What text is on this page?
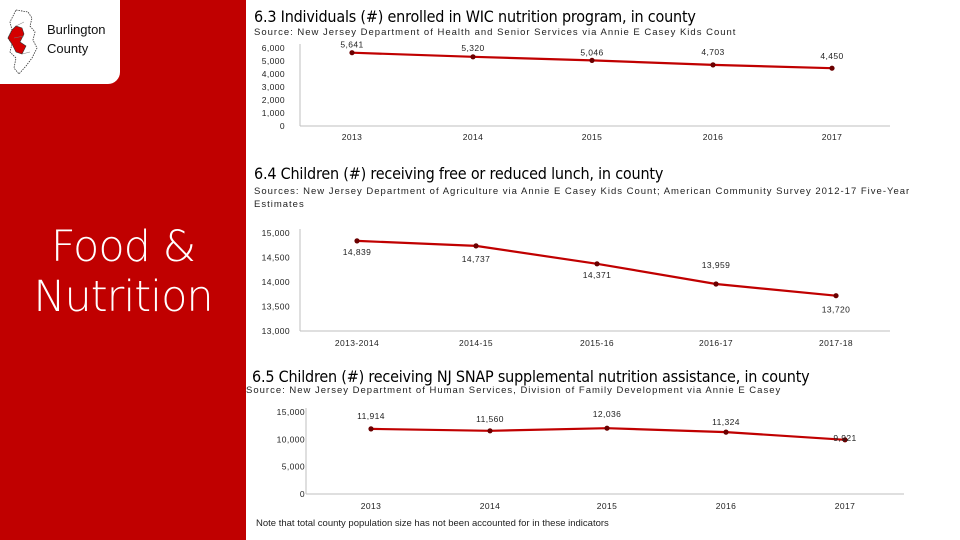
Burlington
County
Food &
Nutrition
6.3 Individuals (#) enrolled in WIC nutrition program, in county
Source: New Jersey Department of Health and Senior Services via Annie E Casey Kids Count
6,000
5,000
4,000
3,000
2,000
1,000
0
2013	2014	2015	2016	2017
5,641	5,320	5,046	4,703	4,450
6.4 Children (#) receiving free or reduced lunch, in county
Sources: New Jersey Department of Agriculture via Annie E Casey Kids Count; American Community Survey 2012-17 Five-Year Estimates
15,000
14,500
14,000
13,500
13,000
2013-2014	2014-15	2015-16	2016-17	2017-18
14,839
14,737
14,371
13,959
13,720
6.5 Children (#) receiving NJ SNAP supplemental nutrition assistance, in county
Source: New Jersey Department of Human Services, Division of Family Development via Annie E Casey
15,000
10,000
5,000
0
2013	2014	2015	2016	2017
11,914	11,560	12,036
11,324
9,921
Note that total county population size has not been accounted for in these indicators
